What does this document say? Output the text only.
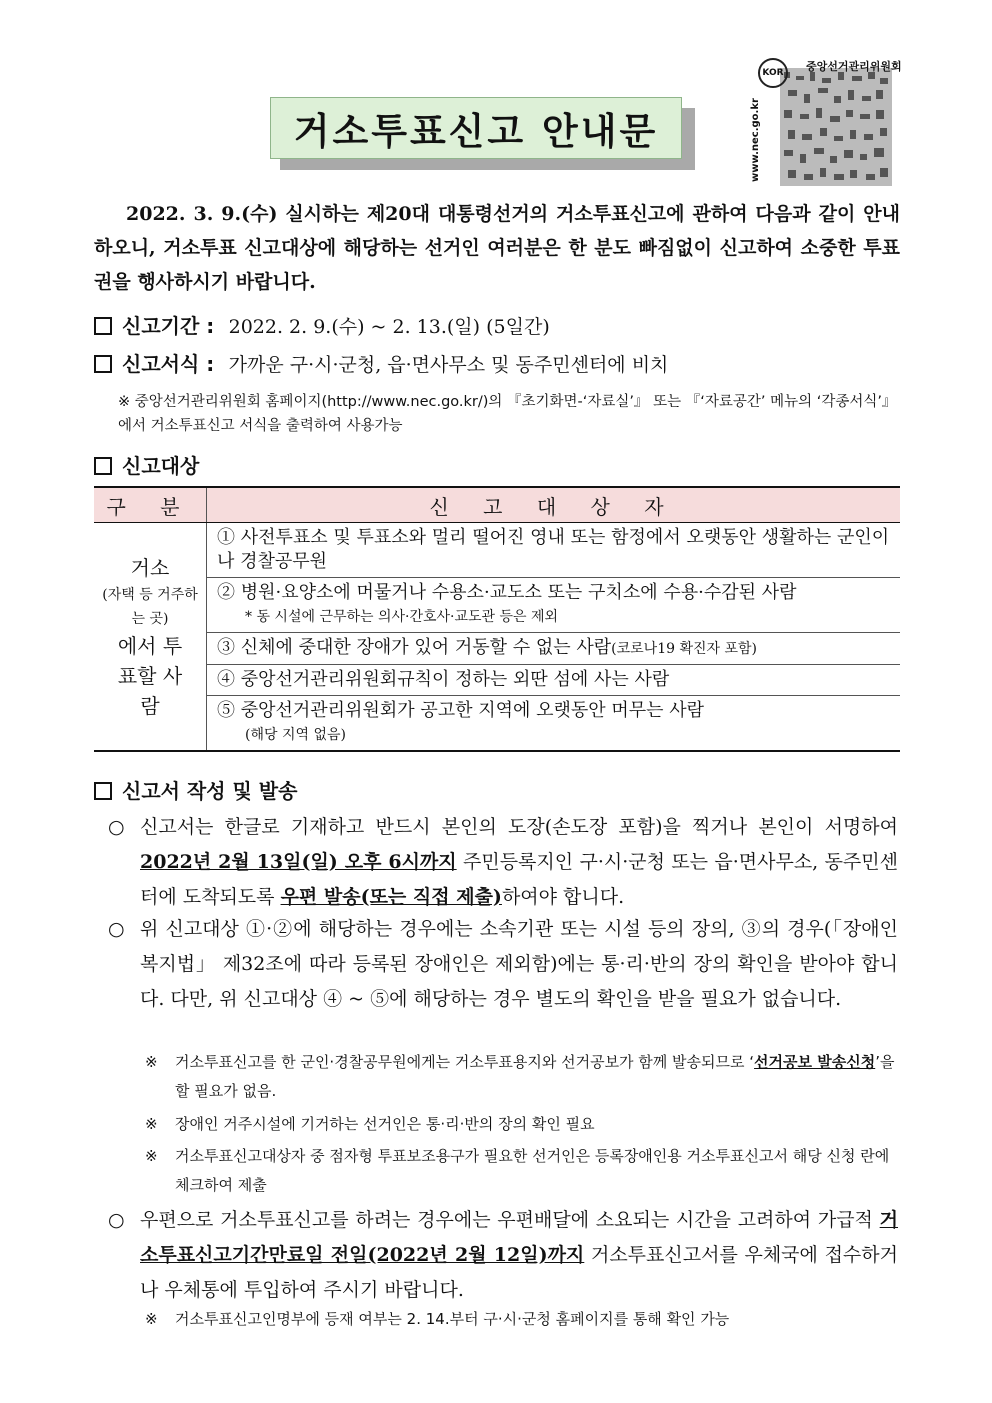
거소투표신고 안내문
KOR	중앙선거관리위원회
www.nec.go.kr
2022. 3. 9.(수) 실시하는 제20대 대통령선거의 거소투표신고에 관하여 다음과 같이 안내하오니, 거소투표 신고대상에 해당하는 선거인 여러분은 한 분도 빠짐없이 신고하여 소중한 투표권을 행사하시기 바랍니다.
신고기간 : 2022. 2. 9.(수) ~ 2. 13.(일) (5일간)
신고서식 : 가까운 구·시·군청, 읍·면사무소 및 동주민센터에 비치
※ 중앙선거관리위원회 홈페이지(http://www.nec.go.kr/)의 『초기화면-‘자료실’』 또는 『‘자료공간’ 메뉴의 ‘각종서식’』에서 거소투표신고 서식을 출력하여 사용가능
신고대상
구 분	신 고 대 상 자

거소
(자택 등 거주하는 곳)
에서 투표할 사람	① 사전투표소 및 투표소와 멀리 떨어진 영내 또는 함정에서 오랫동안 생활하는 군인이나 경찰공무원
	② 병원·요양소에 머물거나 수용소·교도소 또는 구치소에 수용·수감된 사람
* 동 시설에 근무하는 의사·간호사·교도관 등은 제외

	③ 신체에 중대한 장애가 있어 거동할 수 없는 사람(코로나19 확진자 포함)
	④ 중앙선거관리위원회규칙이 정하는 외딴 섬에 사는 사람
	⑤ 중앙선거관리위원회가 공고한 지역에 오랫동안 머무는 사람
(해당 지역 없음)
신고서 작성 및 발송
○ 신고서는 한글로 기재하고 반드시 본인의 도장(손도장 포함)을 찍거나 본인이 서명하여 2022년 2월 13일(일) 오후 6시까지 주민등록지인 구·시·군청 또는 읍·면사무소, 동주민센터에 도착되도록 우편 발송(또는 직접 제출)하여야 합니다.
○ 위 신고대상 ①·②에 해당하는 경우에는 소속기관 또는 시설 등의 장의, ③의 경우(「장애인복지법」 제32조에 따라 등록된 장애인은 제외함)에는 통·리·반의 장의 확인을 받아야 합니다. 다만, 위 신고대상 ④ ~ ⑤에 해당하는 경우 별도의 확인을 받을 필요가 없습니다.
※ 거소투표신고를 한 군인·경찰공무원에게는 거소투표용지와 선거공보가 함께 발송되므로 ‘선거공보 발송신청’을 할 필요가 없음.
※ 장애인 거주시설에 기거하는 선거인은 통·리·반의 장의 확인 필요
※ 거소투표신고대상자 중 점자형 투표보조용구가 필요한 선거인은 등록장애인용 거소투표신고서 해당 신청 란에 체크하여 제출
○ 우편으로 거소투표신고를 하려는 경우에는 우편배달에 소요되는 시간을 고려하여 가급적 거소투표신고기간만료일 전일(2022년 2월 12일)까지 거소투표신고서를 우체국에 접수하거나 우체통에 투입하여 주시기 바랍니다.
※ 거소투표신고인명부에 등재 여부는 2. 14.부터 구·시·군청 홈페이지를 통해 확인 가능
